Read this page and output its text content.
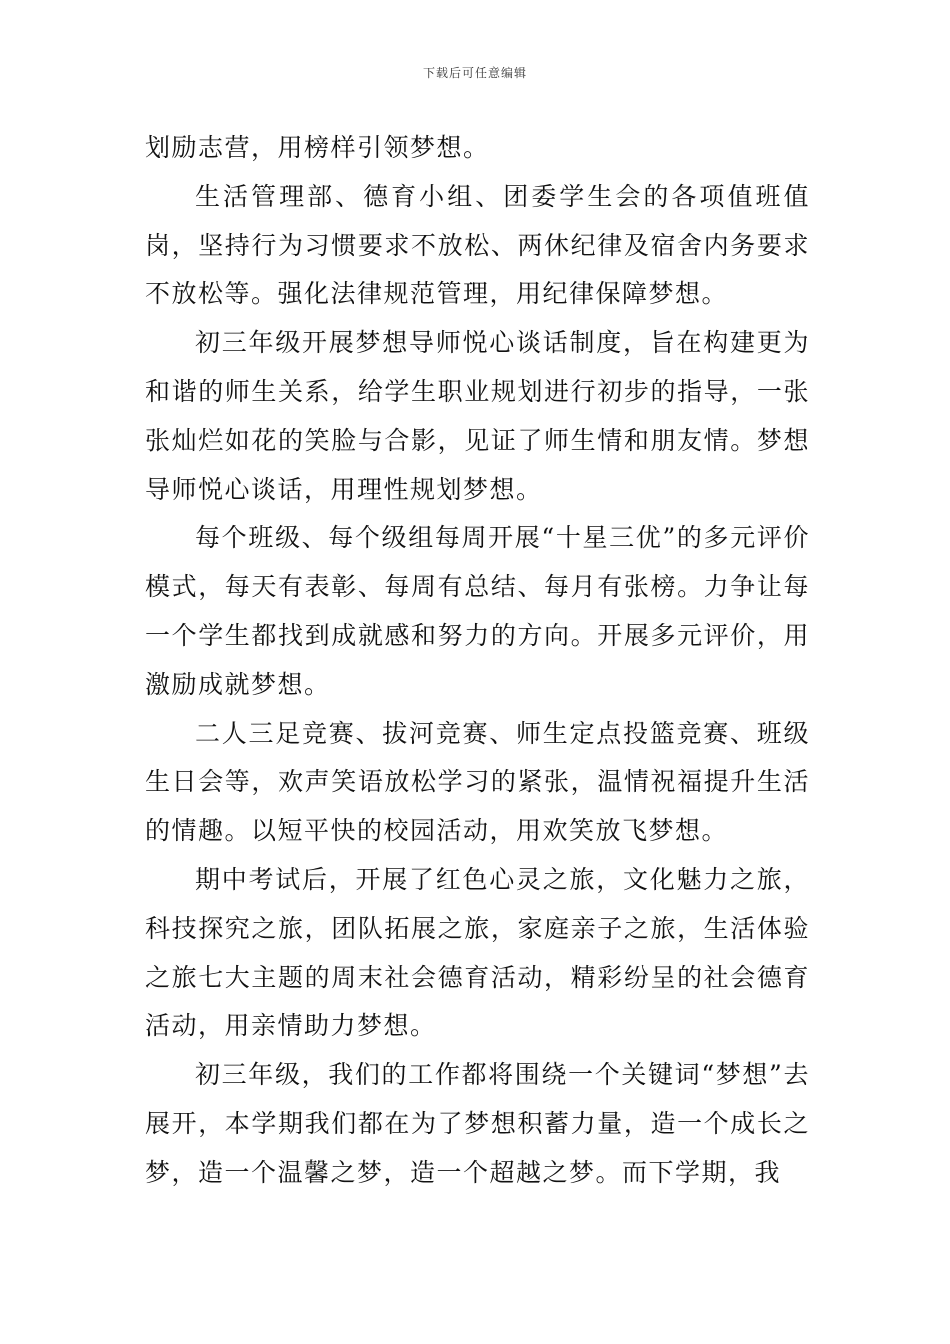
下载后可任意编辑

划励志营，用榜样引领梦想。

生活管理部、德育小组、团委学生会的各项值班值岗，坚持行为习惯要求不放松、两休纪律及宿舍内务要求不放松等。强化法律规范管理，用纪律保障梦想。

初三年级开展梦想导师悦心谈话制度，旨在构建更为和谐的师生关系，给学生职业规划进行初步的指导，一张张灿烂如花的笑脸与合影，见证了师生情和朋友情。梦想导师悦心谈话，用理性规划梦想。

每个班级、每个级组每周开展“十星三优”的多元评价模式，每天有表彰、每周有总结、每月有张榜。力争让每一个学生都找到成就感和努力的方向。开展多元评价，用激励成就梦想。

二人三足竞赛、拔河竞赛、师生定点投篮竞赛、班级生日会等，欢声笑语放松学习的紧张，温情祝福提升生活的情趣。以短平快的校园活动，用欢笑放飞梦想。

期中考试后，开展了红色心灵之旅，文化魅力之旅，科技探究之旅，团队拓展之旅，家庭亲子之旅，生活体验之旅七大主题的周末社会德育活动，精彩纷呈的社会德育活动，用亲情助力梦想。

初三年级，我们的工作都将围绕一个关键词“梦想”去展开，本学期我们都在为了梦想积蓄力量，造一个成长之梦，造一个温馨之梦，造一个超越之梦。而下学期，我
